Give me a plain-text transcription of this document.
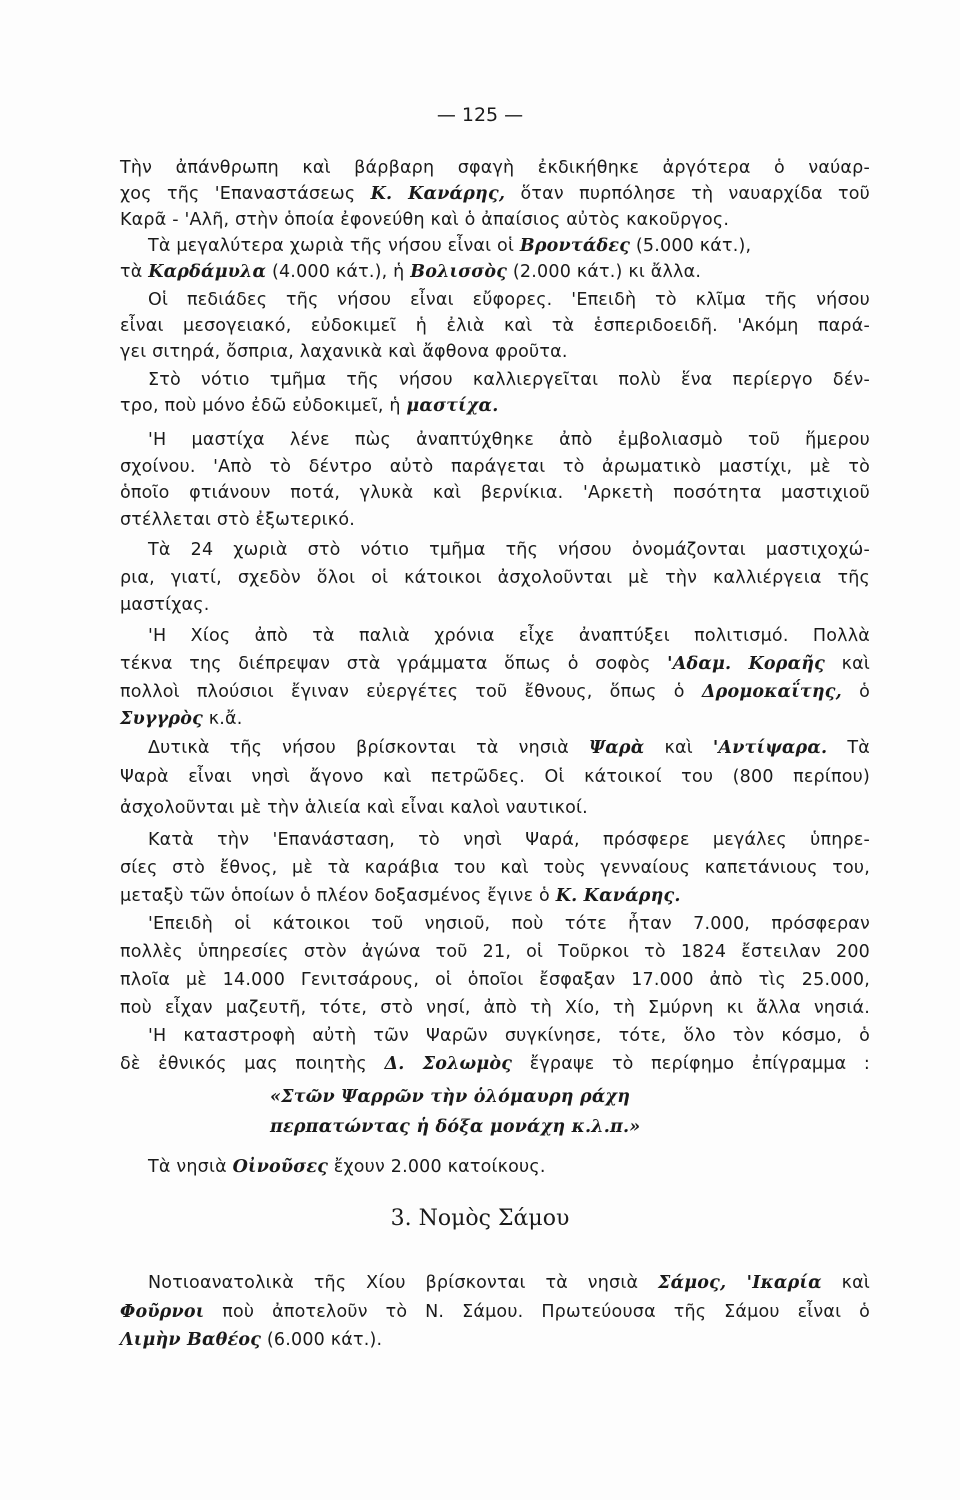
— 125 —
3. Νομὸς Σάμου
Τὴν ἀπάνθρωπη καὶ βάρβαρη σφαγὴ ἐκδικήθηκε ἀργότερα ὁ ναύαρ-
χος τῆς 'Επαναστάσεως Κ. Κανάρης, ὅταν πυρπόλησε τὴ ναυαρχίδα τοῦ
Καρᾶ - 'Αλῆ, στὴν ὁποία ἐφονεύθη καὶ ὁ ἀπαίσιος αὐτὸς κακοῦργος.
Τὰ μεγαλύτερα χωριὰ τῆς νήσου εἶναι οἱ Βροντάδες (5.000 κάτ.),
τὰ Καρδάμυλα (4.000 κάτ.), ἡ Βολισσὸς (2.000 κάτ.) κι ἄλλα.
Οἱ πεδιάδες τῆς νήσου εἶναι εὔφορες. 'Επειδὴ τὸ κλῖμα τῆς νήσου
εἶναι μεσογειακό, εὐδοκιμεῖ ἡ ἐλιὰ καὶ τὰ ἑσπεριδοειδῆ. 'Ακόμη παρά-
γει σιτηρά, ὄσπρια, λαχανικὰ καὶ ἄφθονα φροῦτα.
Στὸ νότιο τμῆμα τῆς νήσου καλλιεργεῖται πολὺ ἕνα περίεργο δέν-
τρο, ποὺ μόνο ἐδῶ εὐδοκιμεῖ, ἡ μαστίχα.
'Η μαστίχα λένε πὼς ἀναπτύχθηκε ἀπὸ ἐμβολιασμὸ τοῦ ἥμερου
σχοίνου. 'Απὸ τὸ δέντρο αὐτὸ παράγεται τὸ ἀρωματικὸ μαστίχι, μὲ τὸ
ὁποῖο φτιάνουν ποτά, γλυκὰ καὶ βερνίκια. 'Αρκετὴ ποσότητα μαστιχιοῦ
στέλλεται στὸ ἐξωτερικό.
Τὰ 24 χωριὰ στὸ νότιο τμῆμα τῆς νήσου ὀνομάζονται μαστιχοχώ-
ρια, γιατί, σχεδὸν ὅλοι οἱ κάτοικοι ἀσχολοῦνται μὲ τὴν καλλιέργεια τῆς
μαστίχας.
'Η Χίος ἀπὸ τὰ παλιὰ χρόνια εἶχε ἀναπτύξει πολιτισμό. Πολλὰ
τέκνα της διέπρεψαν στὰ γράμματα ὅπως ὁ σοφὸς 'Αδαμ. Κοραῆς καὶ
πολλοὶ πλούσιοι ἔγιναν εὐεργέτες τοῦ ἔθνους, ὅπως ὁ Δρομοκαΐτης, ὁ
Συγγρὸς κ.ἄ.
Δυτικὰ τῆς νήσου βρίσκονται τὰ νησιὰ Ψαρὰ καὶ 'Αντίψαρα. Τὰ
Ψαρὰ εἶναι νησὶ ἄγονο καὶ πετρῶδες. Οἱ κάτοικοί του (800 περίπου)
ἀσχολοῦνται μὲ τὴν ἁλιεία καὶ εἶναι καλοὶ ναυτικοί.
Κατὰ τὴν 'Επανάσταση, τὸ νησὶ Ψαρά, πρόσφερε μεγάλες ὑπηρε-
σίες στὸ ἔθνος, μὲ τὰ καράβια του καὶ τοὺς γενναίους καπετάνιους του,
μεταξὺ τῶν ὁποίων ὁ πλέον δοξασμένος ἔγινε ὁ Κ. Κανάρης.
'Επειδὴ οἱ κάτοικοι τοῦ νησιοῦ, ποὺ τότε ἦταν 7.000, πρόσφεραν
πολλὲς ὑπηρεσίες στὸν ἀγώνα τοῦ 21, οἱ Τοῦρκοι τὸ 1824 ἔστειλαν 200
πλοῖα μὲ 14.000 Γενιτσάρους, οἱ ὁποῖοι ἔσφαξαν 17.000 ἀπὸ τὶς 25.000,
ποὺ εἶχαν μαζευτῆ, τότε, στὸ νησί, ἀπὸ τὴ Χίο, τὴ Σμύρνη κι ἄλλα νησιά.
'Η καταστροφὴ αὐτὴ τῶν Ψαρῶν συγκίνησε, τότε, ὅλο τὸν κόσμο, ὁ
δὲ ἐθνικός μας ποιητὴς Δ. Σολωμὸς ἔγραψε τὸ περίφημο ἐπίγραμμα :
«Στῶν Ψαρρῶν τὴν ὁλόμαυρη ράχη
περπατώντας ἡ δόξα μονάχη κ.λ.π.»
Τὰ νησιὰ Οἰνοῦσες ἔχουν 2.000 κατοίκους.
Νοτιοανατολικὰ τῆς Χίου βρίσκονται τὰ νησιὰ Σάμος, 'Ικαρία καὶ
Φοῦρνοι ποὺ ἀποτελοῦν τὸ Ν. Σάμου. Πρωτεύουσα τῆς Σάμου εἶναι ὁ
Λιμὴν Βαθέος (6.000 κάτ.).
